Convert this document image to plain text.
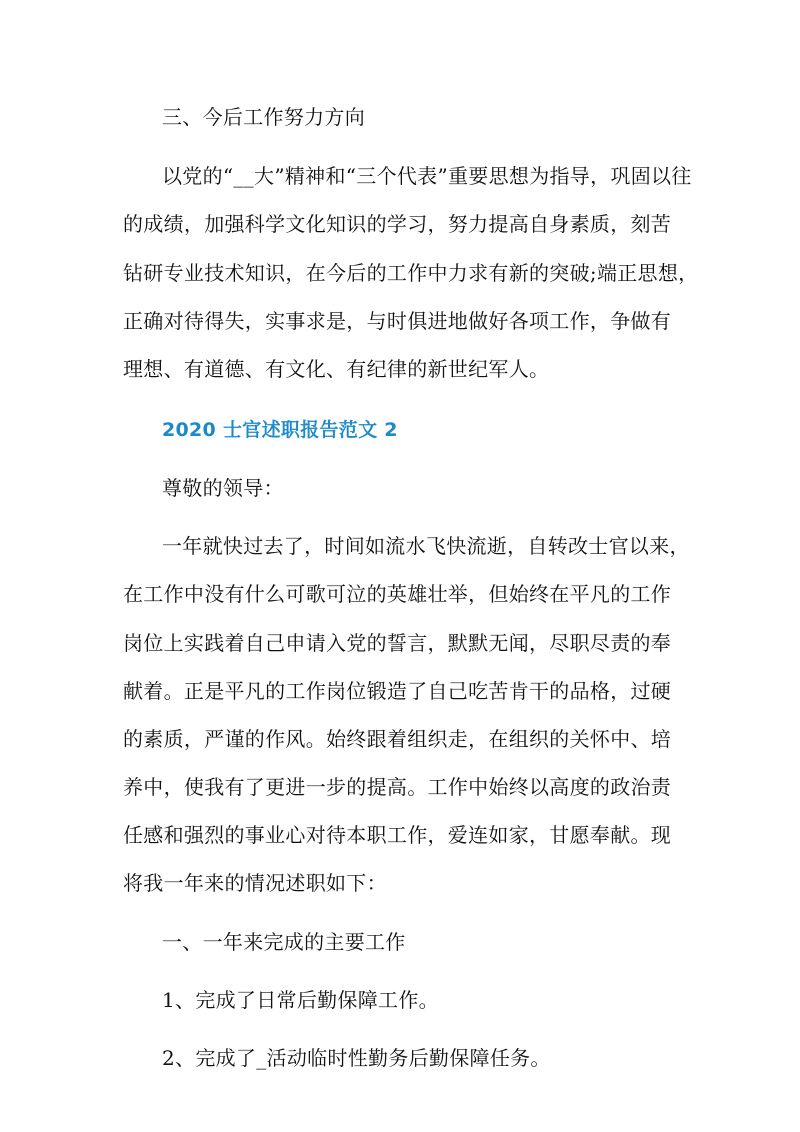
三、今后工作努力方向
以党的“__大”精神和“三个代表”重要思想为指导，巩固以往
的成绩，加强科学文化知识的学习，努力提高自身素质，刻苦
钻研专业技术知识，在今后的工作中力求有新的突破;端正思想，
正确对待得失，实事求是，与时俱进地做好各项工作，争做有
理想、有道德、有文化、有纪律的新世纪军人。
2020 士官述职报告范文 2
尊敬的领导：
一年就快过去了，时间如流水飞快流逝，自转改士官以来，
在工作中没有什么可歌可泣的英雄壮举，但始终在平凡的工作
岗位上实践着自己申请入党的誓言，默默无闻，尽职尽责的奉
献着。正是平凡的工作岗位锻造了自己吃苦肯干的品格，过硬
的素质，严谨的作风。始终跟着组织走，在组织的关怀中、培
养中，使我有了更进一步的提高。工作中始终以高度的政治责
任感和强烈的事业心对待本职工作，爱连如家，甘愿奉献。现
将我一年来的情况述职如下：
一、一年来完成的主要工作
1、完成了日常后勤保障工作。
2、完成了_活动临时性勤务后勤保障任务。
